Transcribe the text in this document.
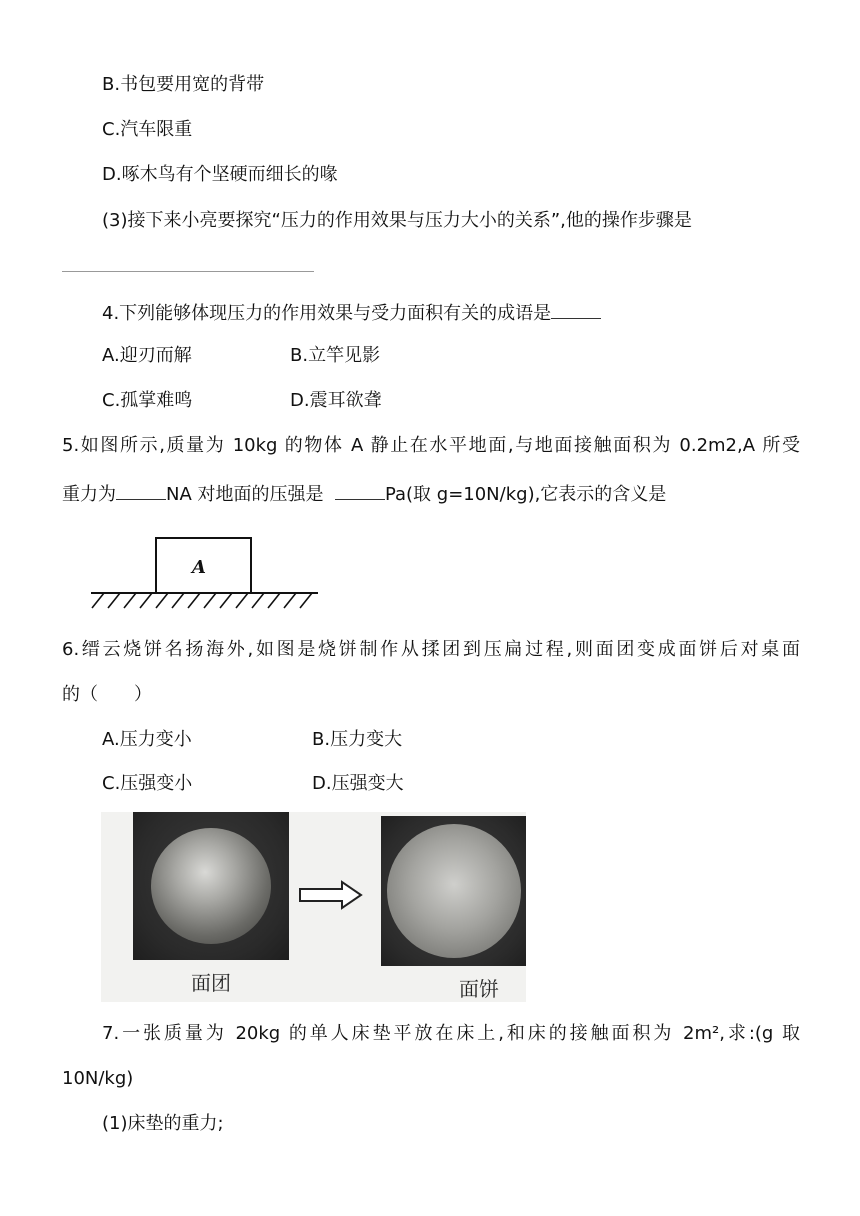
B.书包要用宽的背带
C.汽车限重
D.啄木鸟有个坚硬而细长的喙
(3)接下来小亮要探究“压力的作用效果与压力大小的关系”,他的操作步骤是
4.下列能够体现压力的作用效果与受力面积有关的成语是
A.迎刃而解	B.立竿见影
C.孤掌难鸣	D.震耳欲聋
5.如图所示,质量为 10kg 的物体 A 静止在水平地面,与地面接触面积为 0.2m2,A 所受
重力为	NA 对地面的压强是	Pa(取 g=10N/kg),它表示的含义是
A
6.缙云烧饼名扬海外,如图是烧饼制作从揉团到压扁过程,则面团变成面饼后对桌面
的（　　）
A.压力变小	B.压力变大
C.压强变小	D.压强变大
面团	面饼
7.一张质量为 20kg 的单人床垫平放在床上,和床的接触面积为 2m²,求:(g 取
10N/kg)
(1)床垫的重力;
